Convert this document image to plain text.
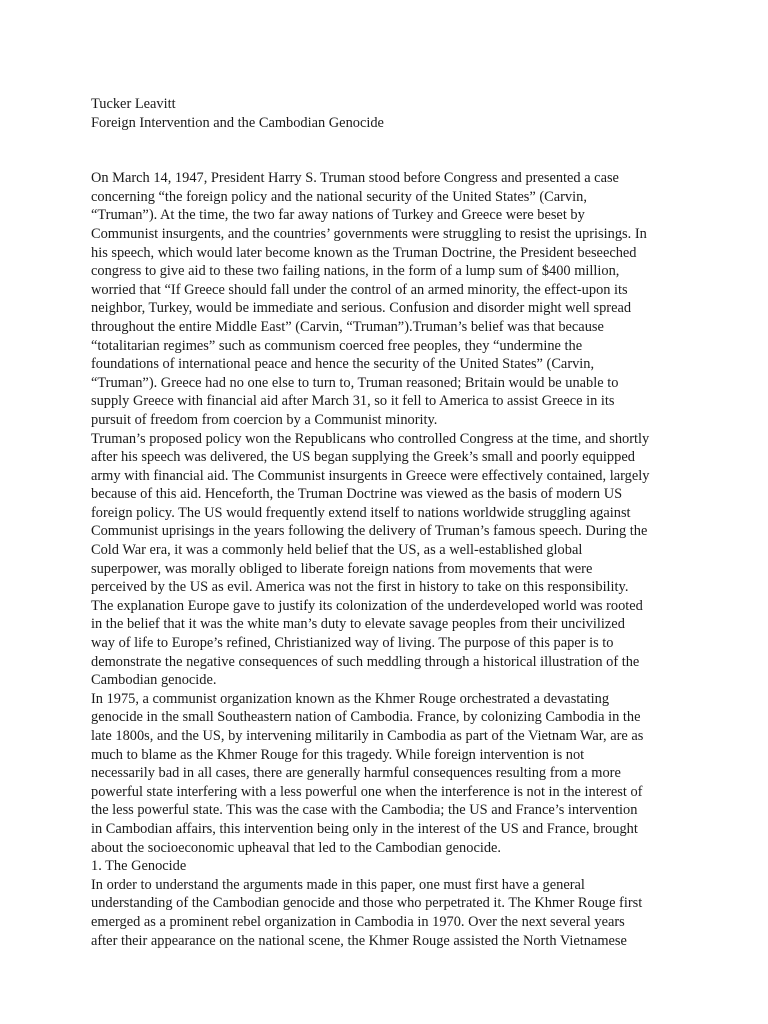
Tucker Leavitt
Foreign Intervention and the Cambodian Genocide
On March 14, 1947, President Harry S. Truman stood before Congress and presented a case
concerning “the foreign policy and the national security of the United States” (Carvin,
“Truman”). At the time, the two far away nations of Turkey and Greece were beset by
Communist insurgents, and the countries’ governments were struggling to resist the uprisings. In
his speech, which would later become known as the Truman Doctrine, the President beseeched
congress to give aid to these two failing nations, in the form of a lump sum of $400 million,
worried that “If Greece should fall under the control of an armed minority, the effect-upon its
neighbor, Turkey, would be immediate and serious. Confusion and disorder might well spread
throughout the entire Middle East” (Carvin, “Truman”).Truman’s belief was that because
“totalitarian regimes” such as communism coerced free peoples, they “undermine the
foundations of international peace and hence the security of the United States” (Carvin,
“Truman”). Greece had no one else to turn to, Truman reasoned; Britain would be unable to
supply Greece with financial aid after March 31, so it fell to America to assist Greece in its
pursuit of freedom from coercion by a Communist minority.
Truman’s proposed policy won the Republicans who controlled Congress at the time, and shortly
after his speech was delivered, the US began supplying the Greek’s small and poorly equipped
army with financial aid. The Communist insurgents in Greece were effectively contained, largely
because of this aid. Henceforth, the Truman Doctrine was viewed as the basis of modern US
foreign policy. The US would frequently extend itself to nations worldwide struggling against
Communist uprisings in the years following the delivery of Truman’s famous speech. During the
Cold War era, it was a commonly held belief that the US, as a well-established global
superpower, was morally obliged to liberate foreign nations from movements that were
perceived by the US as evil. America was not the first in history to take on this responsibility.
The explanation Europe gave to justify its colonization of the underdeveloped world was rooted
in the belief that it was the white man’s duty to elevate savage peoples from their uncivilized
way of life to Europe’s refined, Christianized way of living. The purpose of this paper is to
demonstrate the negative consequences of such meddling through a historical illustration of the
Cambodian genocide.
In 1975, a communist organization known as the Khmer Rouge orchestrated a devastating
genocide in the small Southeastern nation of Cambodia. France, by colonizing Cambodia in the
late 1800s, and the US, by intervening militarily in Cambodia as part of the Vietnam War, are as
much to blame as the Khmer Rouge for this tragedy. While foreign intervention is not
necessarily bad in all cases, there are generally harmful consequences resulting from a more
powerful state interfering with a less powerful one when the interference is not in the interest of
the less powerful state. This was the case with the Cambodia; the US and France’s intervention
in Cambodian affairs, this intervention being only in the interest of the US and France, brought
about the socioeconomic upheaval that led to the Cambodian genocide.
1. The Genocide
In order to understand the arguments made in this paper, one must first have a general
understanding of the Cambodian genocide and those who perpetrated it. The Khmer Rouge first
emerged as a prominent rebel organization in Cambodia in 1970. Over the next several years
after their appearance on the national scene, the Khmer Rouge assisted the North Vietnamese
